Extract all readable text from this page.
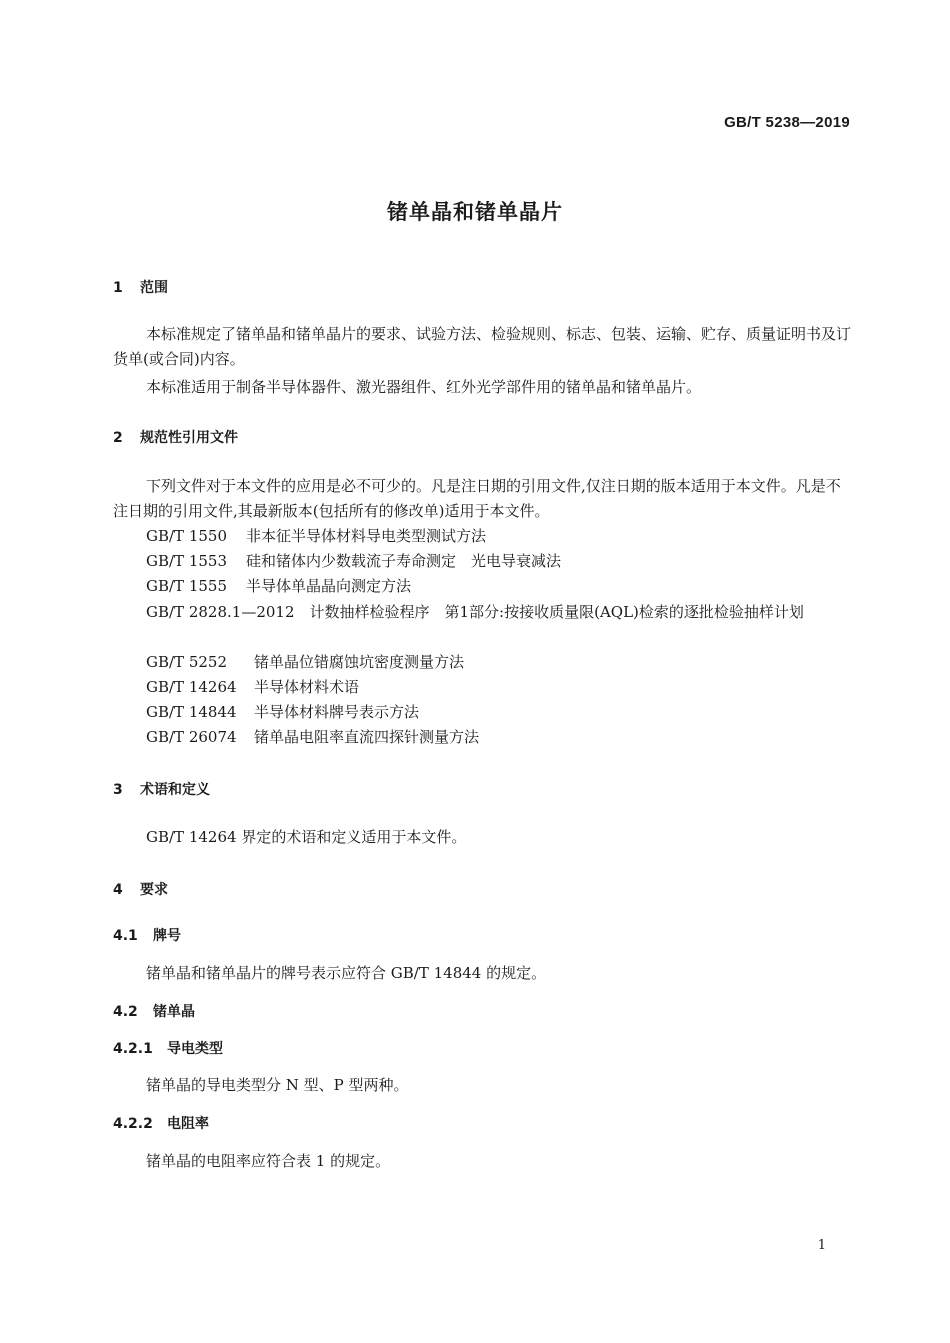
GB/T 5238—2019
锗单晶和锗单晶片
1 范围
本标准规定了锗单晶和锗单晶片的要求、试验方法、检验规则、标志、包装、运输、贮存、质量证明书及订货单(或合同)内容。
本标准适用于制备半导体器件、激光器组件、红外光学部件用的锗单晶和锗单晶片。
2 规范性引用文件
下列文件对于本文件的应用是必不可少的。凡是注日期的引用文件,仅注日期的版本适用于本文件。凡是不注日期的引用文件,其最新版本(包括所有的修改单)适用于本文件。
GB/T 1550 非本征半导体材料导电类型测试方法
GB/T 1553 硅和锗体内少数载流子寿命测定　光电导衰减法
GB/T 1555 半导体单晶晶向测定方法
GB/T 2828.1—2012　 计数抽样检验程序　第1部分:按接收质量限(AQL)检索的逐批检验抽样计划
GB/T 5252 锗单晶位错腐蚀坑密度测量方法
GB/T 14264 半导体材料术语
GB/T 14844 半导体材料牌号表示方法
GB/T 26074 锗单晶电阻率直流四探针测量方法
3 术语和定义
GB/T 14264 界定的术语和定义适用于本文件。
4 要求
4.1 牌号
锗单晶和锗单晶片的牌号表示应符合 GB/T 14844 的规定。
4.2 锗单晶
4.2.1 导电类型
锗单晶的导电类型分 N 型、P 型两种。
4.2.2 电阻率
锗单晶的电阻率应符合表 1 的规定。
1
